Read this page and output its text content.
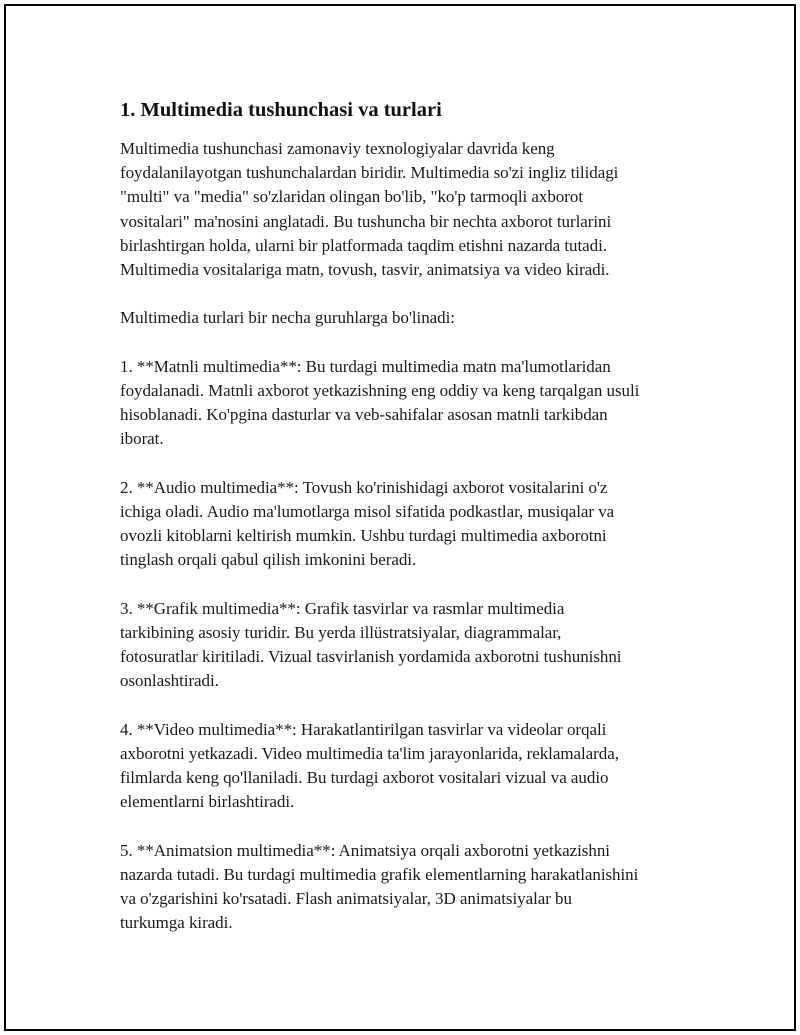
1. Multimedia tushunchasi va turlari

Multimedia tushunchasi zamonaviy texnologiyalar davrida keng
foydalanilayotgan tushunchalardan biridir. Multimedia so'zi ingliz tilidagi
"multi" va "media" so'zlaridan olingan bo'lib, "ko'p tarmoqli axborot
vositalari" ma'nosini anglatadi. Bu tushuncha bir nechta axborot turlarini
birlashtirgan holda, ularni bir platformada taqdim etishni nazarda tutadi.
Multimedia vositalariga matn, tovush, tasvir, animatsiya va video kiradi.

Multimedia turlari bir necha guruhlarga bo'linadi:

1. **Matnli multimedia**: Bu turdagi multimedia matn ma'lumotlaridan
foydalanadi. Matnli axborot yetkazishning eng oddiy va keng tarqalgan usuli
hisoblanadi. Ko'pgina dasturlar va veb-sahifalar asosan matnli tarkibdan
iborat.

2. **Audio multimedia**: Tovush ko'rinishidagi axborot vositalarini o'z
ichiga oladi. Audio ma'lumotlarga misol sifatida podkastlar, musiqalar va
ovozli kitoblarni keltirish mumkin. Ushbu turdagi multimedia axborotni
tinglash orqali qabul qilish imkonini beradi.

3. **Grafik multimedia**: Grafik tasvirlar va rasmlar multimedia
tarkibining asosiy turidir. Bu yerda illüstratsiyalar, diagrammalar,
fotosuratlar kiritiladi. Vizual tasvirlanish yordamida axborotni tushunishni
osonlashtiradi.

4. **Video multimedia**: Harakatlantirilgan tasvirlar va videolar orqali
axborotni yetkazadi. Video multimedia ta'lim jarayonlarida, reklamalarda,
filmlarda keng qo'llaniladi. Bu turdagi axborot vositalari vizual va audio
elementlarni birlashtiradi.

5. **Animatsion multimedia**: Animatsiya orqali axborotni yetkazishni
nazarda tutadi. Bu turdagi multimedia grafik elementlarning harakatlanishini
va o'zgarishini ko'rsatadi. Flash animatsiyalar, 3D animatsiyalar bu
turkumga kiradi.
